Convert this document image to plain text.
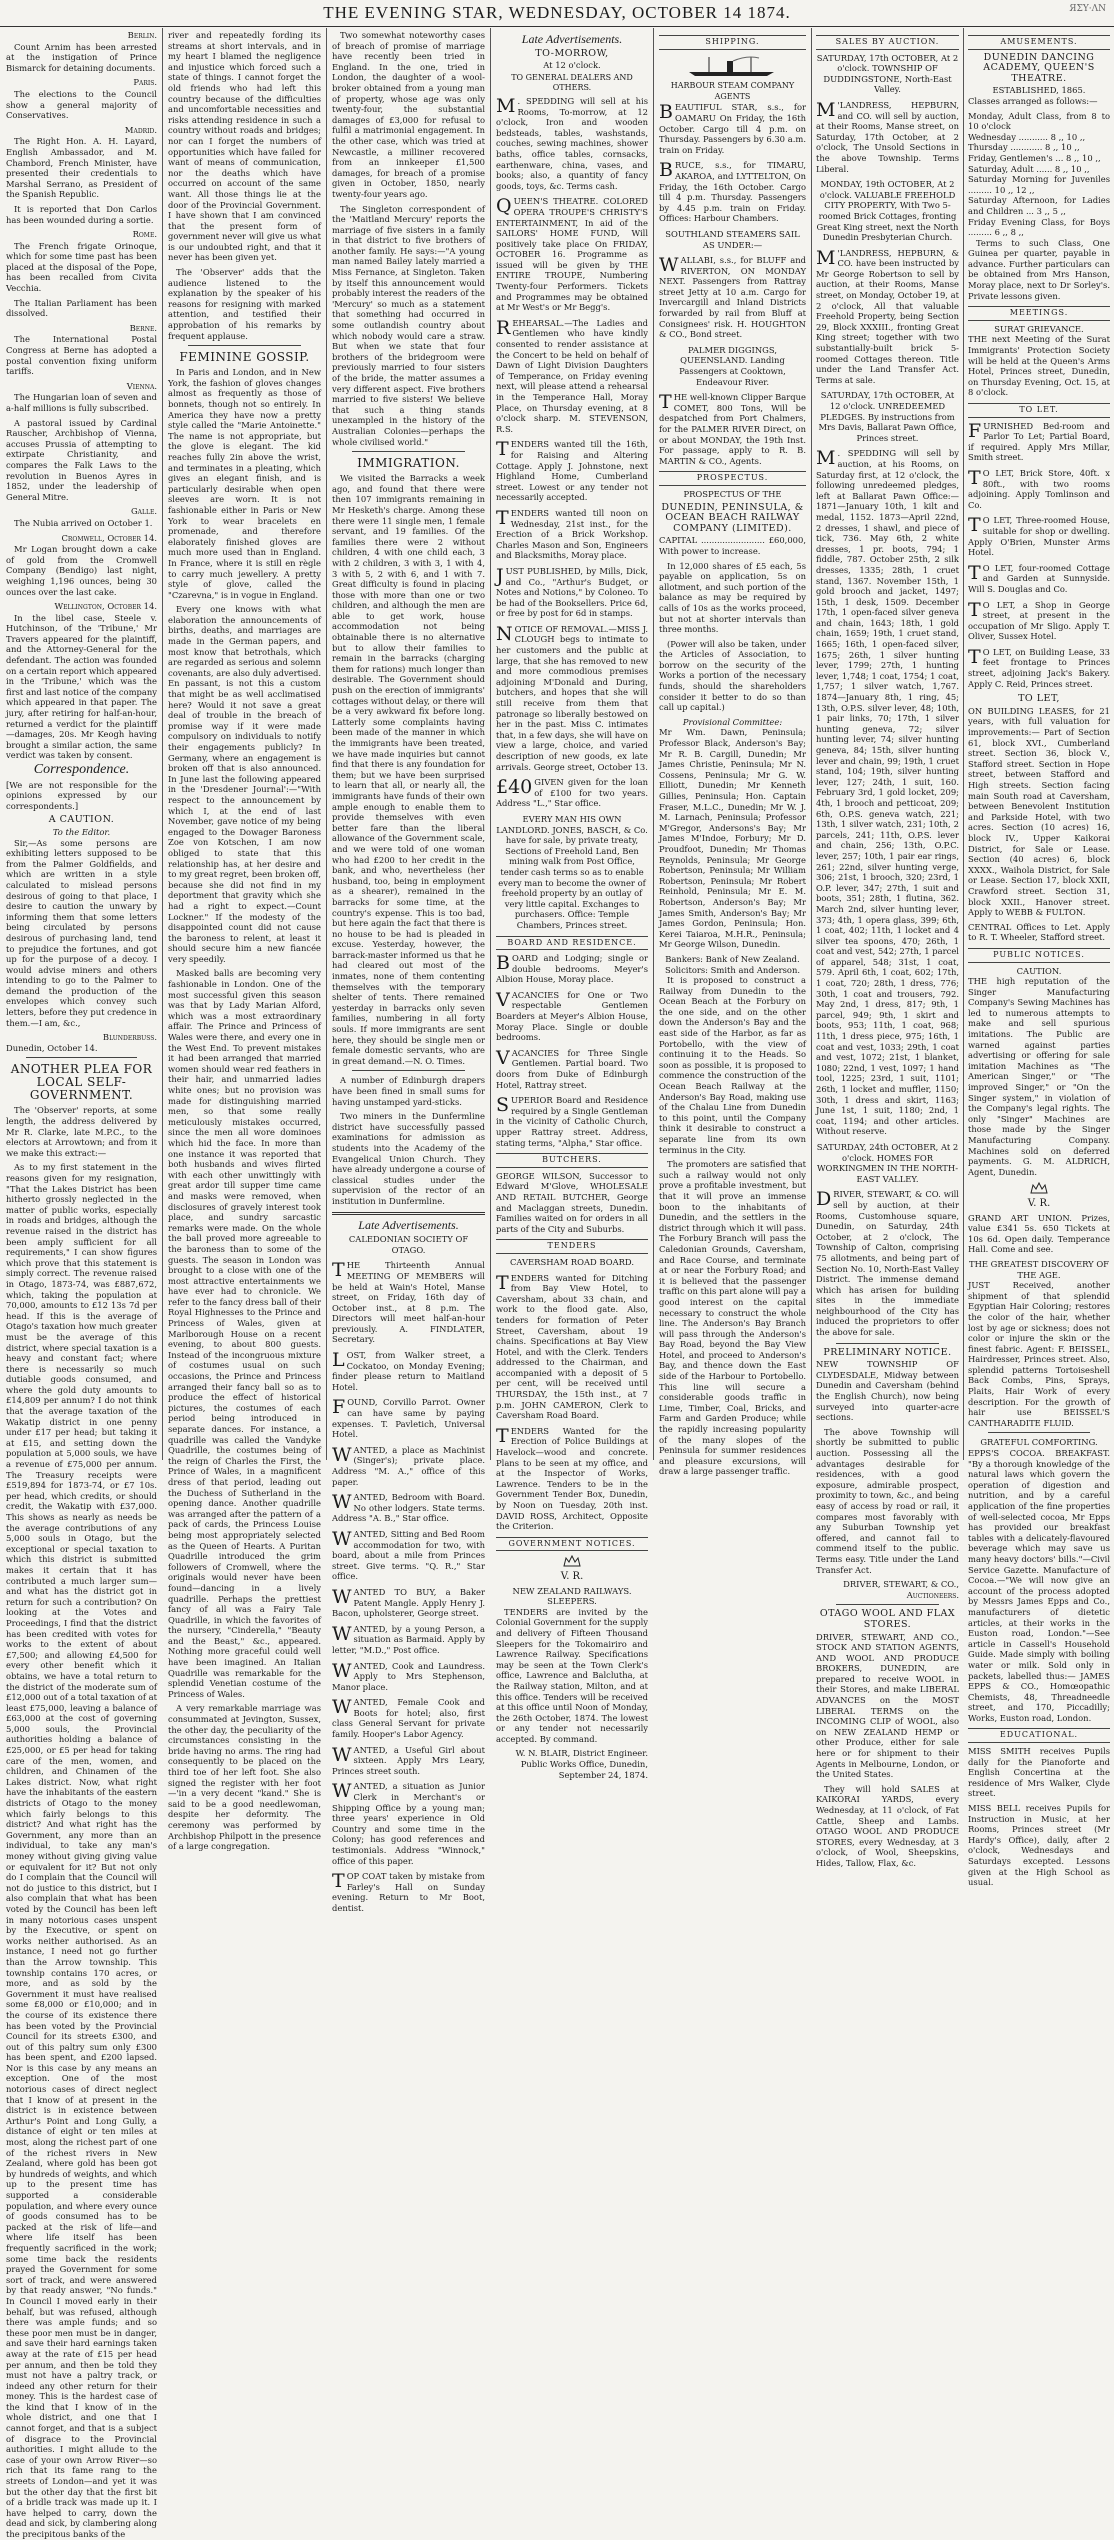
THE EVENING STAR, WEDNESDAY, OCTOBER 14 1874.	ЯΣY·ΛN
Berlin.

Count Arnim has been arrested at the instigation of Prince Bismarck for detaining documents.

Paris.

The elections to the Council show a general majority of Conservatives.

Madrid.

The Right Hon. A. H. Layard, English Ambassador, and M. Chambord, French Minister, have presented their credentials to Marshal Serrano, as President of the Spanish Republic.

It is reported that Don Carlos has been wounded during a sortie.

Rome.

The French frigate Orinoque, which for some time past has been placed at the disposal of the Pope, has been recalled from Civita Vecchia.

The Italian Parliament has been dissolved.

Berne.

The International Postal Congress at Berne has adopted a postal convention fixing uniform tariffs.

Vienna.

The Hungarian loan of seven and a-half millions is fully subscribed.

A pastoral issued by Cardinal Rauscher, Archbishop of Vienna, accuses Prussia of attempting to extirpate Christianity, and compares the Falk Laws to the revolution in Buenos Ayres in 1852, under the leadership of General Mitre.

Galle.

The Nubia arrived on October 1.

Cromwell, October 14.

Mr Logan brought down a cake of gold from the Cromwell Company (Bendigo) last night, weighing 1,196 ounces, being 30 ounces over the last cake.

Wellington, October 14.

In the libel case, Steele v. Hutchinson, of the 'Tribune,' Mr Travers appeared for the plaintiff, and the Attorney-General for the defendant. The action was founded on a certain report which appeared in the 'Tribune,' which was the first and last notice of the company which appeared in that paper. The jury, after retiring for half-an-hour, returned a verdict for the plaintiff—damages, 20s. Mr Keogh having brought a similar action, the same verdict was taken by consent.

Correspondence.

[We are not responsible for the opinions expressed by our correspondents.]

A CAUTION.
To the Editor.

Sir,—As some persons are exhibiting letters supposed to be from the Palmer Goldfields, and which are written in a style calculated to mislead persons desirous of going to that place, I desire to caution the unwary by informing them that some letters being circulated by persons desirous of purchasing land, tend to prejudice the fortunes, and got up for the purpose of a decoy. I would advise miners and others intending to go to the Palmer to demand the production of the envelopes which convey such letters, before they put credence in them.—I am, &c.,

Blunderbuss.

Dunedin, October 14.

ANOTHER PLEA FOR LOCAL SELF-GOVERNMENT.

The 'Observer' reports, at some length, the address delivered by Mr R. Clarke, late M.P.C., to the electors at Arrowtown; and from it we make this extract:—

As to my first statement in the reasons given for my resignation, "That the Lakes District has been hitherto grossly neglected in the matter of public works, especially in roads and bridges, although the revenue raised in the district has been amply sufficient for all requirements," I can show figures which prove that this statement is simply correct. The revenue raised in Otago, 1873-74, was £887,672, which, taking the population at 70,000, amounts to £12 13s 7d per head. If this is the average of Otago's taxation how much greater must be the average of this district, where special taxation is a heavy and constant fact; where there is necessarily so much dutiable goods consumed, and where the gold duty amounts to £14,809 per annum? I do not think that the average taxation of the Wakatip district in one penny under £17 per head; but taking it at £15, and setting down the population at 5,000 souls, we have a revenue of £75,000 per annum. The Treasury receipts were £519,894 for 1873-74, or £7 10s. per head, which credits, or should credit, the Wakatip with £37,000. This shows as nearly as needs be the average contributions of any 5,000 souls in Otago, but the exceptional or special taxation to which this district is submitted makes it certain that it has contributed a much larger sum—and what has the district got in return for such a contribution? On looking at the Votes and Proceedings, I find that the district has been credited with votes for works to the extent of about £7,500; and allowing £4,500 for every other benefit which it obtains, we have a total return to the district of the moderate sum of £12,000 out of a total taxation of at least £75,000, leaving a balance of £63,000 at the cost of governing 5,000 souls, the Provincial authorities holding a balance of £25,000, or £5 per head for taking care of the men, women, and children, and Chinamen of the Lakes district. Now, what right have the inhabitants of the eastern districts of Otago to the money which fairly belongs to this district? And what right has the Government, any more than an individual, to take any man's money without giving giving value or equivalent for it? But not only do I complain that the Council will not do justice to this district, but I also complain that what has been voted by the Council has been left in many notorious cases unspent by the Executive, or spent on works neither authorised. As an instance, I need not go further than the Arrow township. This township contains 170 acres, or more, and as sold by the Government it must have realised some £8,000 or £10,000; and in the course of its existence there has been voted by the Provincial Council for its streets £300, and out of this paltry sum only £300 has been spent, and £200 lapsed. Nor is this case by any means an exception. One of the most notorious cases of direct neglect that I know of at present in the district is in existence between Arthur's Point and Long Gully, a distance of eight or ten miles at most, along the richest part of one of the richest rivers in New Zealand, where gold has been got by hundreds of weights, and which up to the present time has supported a considerable population, and where every ounce of goods consumed has to be packed at the risk of life—and where life itself has been frequently sacrificed in the work; some time back the residents prayed the Government for some sort of track, and were answered by that ready answer, "No funds." In Council I moved early in their behalf, but was refused, although there was ample funds; and so these poor men must be in danger, and save their hard earnings taken away at the rate of £15 per head per annum, and then be told they must not have a paltry track, or indeed any other return for their money. This is the hardest case of the kind that I know of in the whole district, and one that I cannot forget, and that is a subject of disgrace to the Provincial authorities. I might allude to the case of your own Arrow River—so rich that its fame rang to the streets of London—and yet it was but the other day that the first bit of a bridle track was made up it. I have helped to carry, down the dead and sick, by clambering along the precipitous banks of the

river and repeatedly fording its streams at short intervals, and in my heart I blamed the negligence and injustice which forced such a state of things. I cannot forget the old friends who had left this country because of the difficulties and uncomfortable necessities and risks attending residence in such a country without roads and bridges; nor can I forget the numbers of opportunities which have failed for want of means of communication, nor the deaths which have occurred on account of the same want. All those things lie at the door of the Provincial Government. I have shown that I am convinced that the present form of government never will give us what is our undoubted right, and that it never has been given yet.

The 'Observer' adds that the audience listened to the explanation by the speaker of his reasons for resigning with marked attention, and testified their approbation of his remarks by frequent applause.

FEMININE GOSSIP.

In Paris and London, and in New York, the fashion of gloves changes almost as frequently as those of bonnets, though not so entirely. In America they have now a pretty style called the "Marie Antoinette." The name is not appropriate, but the glove is elegant. The kid reaches fully 2in above the wrist, and terminates in a pleating, which gives an elegant finish, and is particularly desirable when open sleeves are worn. It is not fashionable either in Paris or New York to wear bracelets en promenade, and therefore elaborately finished gloves are much more used than in England. In France, where it is still en règle to carry much jewellery. A pretty style of glove, called the "Czarevna," is in vogue in England.

Every one knows with what elaboration the announcements of births, deaths, and marriages are made in the German papers, and most know that betrothals, which are regarded as serious and solemn covenants, are also duly advertised. En passant, is not this a custom that might be as well acclimatised here? Would it not save a great deal of trouble in the breach of promise way if it were made compulsory on individuals to notify their engagements publicly? In Germany, where an engagement is broken off that is also announced. In June last the following appeared in the 'Dresdener Journal':—"With respect to the announcement by which I, at the end of last November, gave notice of my being engaged to the Dowager Baroness Zoe von Kotschen, I am now obliged to state that this relationship has, at her desire and to my great regret, been broken off, because she did not find in my deportment that gravity which she had a right to expect.—Count Lockner." If the modesty of the disappointed count did not cause the baroness to relent, at least it should secure him a new fiancée very speedily.

Masked balls are becoming very fashionable in London. One of the most successful given this season was that by Lady Marian Alford, which was a most extraordinary affair. The Prince and Princess of Wales were there, and every one in the West End. To prevent mistakes it had been arranged that married women should wear red feathers in their hair, and unmarried ladies white ones; but no provision was made for distinguishing married men, so that some really meticulously mistakes occurred, since the men all wore dominoes which hid the face. In more than one instance it was reported that both husbands and wives flirted with each other unwittingly with great ardor till supper time came and masks were removed, when disclosures of gravely interest took place, and sundry sarcastic remarks were made. On the whole the ball proved more agreeable to the baroness than to some of the guests. The season in London was brought to a close with one of the most attractive entertainments we have ever had to chronicle. We refer to the fancy dress ball of their Royal Highnesses to the Prince and Princess of Wales, given at Marlborough House on a recent evening, to about 800 guests. Instead of the incongruous mixture of costumes usual on such occasions, the Prince and Princess arranged their fancy ball so as to produce the effect of historical pictures, the costumes of each period being introduced in separate dances. For instance, a quadrille was called the Vandyke Quadrille, the costumes being of the reign of Charles the First, the Prince of Wales, in a magnificent dress of that period, leading out the Duchess of Sutherland in the opening dance. Another quadrille was arranged after the pattern of a pack of cards, the Princess Louise being most appropriately selected as the Queen of Hearts. A Puritan Quadrille introduced the grim followers of Cromwell, where the originals would never have been found—dancing in a lively quadrille. Perhaps the prettiest fancy of all was a Fairy Tale Quadrille, in which the favorites of the nursery, "Cinderella," "Beauty and the Beast," &c., appeared. Nothing more graceful could well have been imagined. An Italian Quadrille was remarkable for the splendid Venetian costume of the Princess of Wales.

A very remarkable marriage was consummated at Jevington, Sussex, the other day, the peculiarity of the circumstances consisting in the bride having no arms. The ring had consequently to be placed on the third toe of her left foot. She also signed the register with her foot—'in a very decent "kand." She is said to be a good needlewoman, despite her deformity. The ceremony was performed by Archbishop Philpott in the presence of a large congregation.

Two somewhat noteworthy cases of breach of promise of marriage have recently been tried in England. In the one, tried in London, the daughter of a wool-broker obtained from a young man of property, whose age was only twenty-four, the substantial damages of £3,000 for refusal to fulfil a matrimonial engagement. In the other case, which was tried at Newcastle, a milliner recovered from an innkeeper £1,500 damages, for breach of a promise given in October, 1850, nearly twenty-four years ago.

The Singleton correspondent of the 'Maitland Mercury' reports the marriage of five sisters in a family in that district to five brothers of another family. He says:—"A young man named Bailey lately married a Miss Fernance, at Singleton. Taken by itself this announcement would probably interest the readers of the 'Mercury' so much as a statement that something had occurred in some outlandish country about which nobody would care a straw. But when we state that four brothers of the bridegroom were previously married to four sisters of the bride, the matter assumes a very different aspect. Five brothers married to five sisters! We believe that such a thing stands unexampled in the history of the Australian Colonies—perhaps the whole civilised world."

IMMIGRATION.

We visited the Barracks a week ago, and found that there were then 107 immigrants remaining in Mr Hesketh's charge. Among these there were 11 single men, 1 female servant, and 19 families. Of the families there were 2 without children, 4 with one child each, 3 with 2 children, 3 with 3, 1 with 4, 3 with 5, 2 with 6, and 1 with 7. Great difficulty is found in placing those with more than one or two children, and although the men are able to get work, house accommodation not being obtainable there is no alternative but to allow their families to remain in the barracks (charging them for rations) much longer than desirable. The Government should push on the erection of immigrants' cottages without delay, or there will be a very awkward fix before long. Latterly some complaints having been made of the manner in which the immigrants have been treated, we have made inquiries but cannot find that there is any foundation for them; but we have been surprised to learn that all, or nearly all, the immigrants have funds of their own ample enough to enable them to provide themselves with even better fare than the liberal allowance of the Government scale, and we were told of one woman who had £200 to her credit in the bank, and who, nevertheless (her husband, too, being in employment as a shearer), remained in the barracks for some time, at the country's expense. This is too bad, but here again the fact that there is no house to be had is pleaded in excuse. Yesterday, however, the barrack-master informed us that he had cleared out most of the inmates, none of them contenting themselves with the temporary shelter of tents. There remained yesterday in barracks only seven families, numbering in all forty souls. If more immigrants are sent here, they should be single men or female domestic servants, who are in great demand.—N. O. Times.

A number of Edinburgh drapers have been fined in small sums for having unstamped yard-sticks.

Two miners in the Dunfermline district have successfully passed examinations for admission as students into the Academy of the Evangelical Union Church. They have already undergone a course of classical studies under the supervision of the rector of an institution in Dunfermline.

Late Advertisements.

CALEDONIAN SOCIETY OF OTAGO.

THE Thirteenth Annual MEETING OF MEMBERS will be held at Wain's Hotel, Manse street, on Friday, 16th day of October inst., at 8 p.m. The Directors will meet half-an-hour previously. A. FINDLATER, Secretary.

LOST, from Walker street, a Cockatoo, on Monday Evening; finder please return to Maitland Hotel.

FOUND, Corvillo Parrot. Owner can have same by paying expenses. T. Pavletich, Universal Hotel.

WANTED, a place as Machinist (Singer's); private place. Address "M. A.," office of this paper.

WANTED, Bedroom with Board. No other lodgers. State terms. Address "A. B.," Star office.

WANTED, Sitting and Bed Room accommodation for two, with board, about a mile from Princes street. Give terms. "Q. R.," Star office.

WANTED TO BUY, a Baker Patent Mangle. Apply Henry J. Bacon, upholsterer, George street.

WANTED, by a young Person, a situation as Barmaid. Apply by letter, "M.D.," Post office.

WANTED, Cook and Laundress. Apply to Mrs Stephenson, Manor place.

WANTED, Female Cook and Boots for hotel; also, first class General Servant for private family. Hooper's Labor Agency.

WANTED, a Useful Girl about sixteen. Apply Mrs Leary, Princes street south.

WANTED, a situation as Junior Clerk in Merchant's or Shipping Office by a young man; three years' experience in Old Country and some time in the Colony; has good references and testimonials. Address "Winnock," office of this paper.

TOP COAT taken by mistake from Farley's Hall on Sunday evening. Return to Mr Boot, dentist.

Late Advertisements.
TO-MORROW,
At 12 o'clock.
TO GENERAL DEALERS AND OTHERS.

M . SPEDDING will sell at his Rooms, To-morrow, at 12 o'clock, Iron and wooden bedsteads, tables, washstands, couches, sewing machines, shower baths, office tables, cornsacks, earthenware, china, vases, and books; also, a quantity of fancy goods, toys, &c. Terms cash.

QUEEN'S THEATRE. COLORED OPERA TROUPE'S CHRISTY'S ENTERTAINMENT, In aid of the SAILORS' HOME FUND, Will positively take place On FRIDAY, OCTOBER 16. Programme as issued will be given by THE ENTIRE TROUPE, Numbering Twenty-four Performers. Tickets and Programmes may be obtained at Mr West's or Mr Begg's.

REHEARSAL.—The Ladies and Gentlemen who have kindly consented to render assistance at the Concert to be held on behalf of Dawn of Light Division Daughters of Temperance, on Friday evening next, will please attend a rehearsal in the Temperance Hall, Moray Place, on Thursday evening, at 8 o'clock sharp. M. STEVENSON, R.S.

TENDERS wanted till the 16th, for Raising and Altering Cottage. Apply J. Johnstone, next Highland Home, Cumberland street. Lowest or any tender not necessarily accepted.

TENDERS wanted till noon on Wednesday, 21st inst., for the Erection of a Brick Workshop. Charles Mason and Son, Engineers and Blacksmiths, Moray place.

JUST PUBLISHED, by Mills, Dick, and Co., "Arthur's Budget, or Notes and Notions," by Coloneo. To be had of the Booksellers. Price 6d, or free by post for 6d in stamps.

NOTICE OF REMOVAL.—MISS J. CLOUGH begs to intimate to her customers and the public at large, that she has removed to new and more commodious premises adjoining M'Donald and During, butchers, and hopes that she will still receive from them that patronage so liberally bestowed on her in the past. Miss C. intimates that, in a few days, she will have on view a large, choice, and varied description of new goods, ex late arrivals. George street, October 13.

£40 GIVEN given for the loan of £100 for two years. Address "L.," Star office.

EVERY MAN HIS OWN LANDLORD. JONES, BASCH, & Co. have for sale, by private treaty, Sections of Freehold Land, Ben mining walk from Post Office, tender cash terms so as to enable every man to become the owner of freehold property by an outlay of very little capital. Exchanges to purchasers. Office: Temple Chambers, Princes street.

BOARD AND RESIDENCE.

BOARD and Lodging; single or double bedrooms. Meyer's Albion House, Moray place.

VACANCIES for One or Two respectable Gentlemen Boarders at Meyer's Albion House, Moray Place. Single or double bedrooms.

VACANCIES for Three Single Gentlemen. Partial board. Two doors from Duke of Edinburgh Hotel, Rattray street.

SUPERIOR Board and Residence required by a Single Gentleman in the vicinity of Catholic Church, upper Rattray street. Address, stating terms, "Alpha," Star office.

BUTCHERS.

GEORGE WILSON, Successor to Edward M'Glove, WHOLESALE AND RETAIL BUTCHER, George and Maclaggan streets, Dunedin. Families waited on for orders in all parts of the City and Suburbs.

TENDERS

CAVERSHAM ROAD BOARD.

TENDERS wanted for Ditching from Bay View Hotel, to Caversham, about 33 chain, and work to the flood gate. Also, tenders for formation of Peter Street, Caversham, about 19 chains. Specifications at Bay View Hotel, and with the Clerk. Tenders addressed to the Chairman, and accompanied with a deposit of 5 per cent, will be received until THURSDAY, the 15th inst., at 7 p.m. JOHN CAMERON, Clerk to Caversham Road Board.

TENDERS Wanted for the Erection of Police Buildings at Havelock—wood and concrete. Plans to be seen at my office, and at the Inspector of Works, Lawrence. Tenders to be in the Government Tender Box, Dunedin, by Noon on Tuesday, 20th inst. DAVID ROSS, Architect, Opposite the Criterion.

GOVERNMENT NOTICES.
V. R.
NEW ZEALAND RAILWAYS.
SLEEPERS.

TENDERS are invited by the Colonial Government for the supply and delivery of Fifteen Thousand Sleepers for the Tokomairiro and Lawrence Railway. Specifications may be seen at the Town Clerk's office, Lawrence and Balclutha, at the Railway station, Milton, and at this office. Tenders will be received at this office until Noon of Monday, the 26th October, 1874. The lowest or any tender not necessarily accepted. By command.

W. N. BLAIR, District Engineer. Public Works Office, Dunedin, September 24, 1874.

SHIPPING.
HARBOUR STEAM COMPANY AGENTS

BEAUTIFUL STAR, s.s., for OAMARU On Friday, the 16th October. Cargo till 4 p.m. on Thursday. Passengers by 6.30 a.m. train on Friday.

BRUCE, s.s., for TIMARU, AKAROA, and LYTTELTON, On Friday, the 16th October. Cargo till 4 p.m. Thursday. Passengers by 4.45 p.m. train on Friday. Offices: Harbour Chambers.

SOUTHLAND STEAMERS SAIL AS UNDER:—

WALLABI, s.s., for BLUFF and RIVERTON, ON MONDAY NEXT. Passengers from Rattray street Jetty at 10 a.m. Cargo for Invercargill and Inland Districts forwarded by rail from Bluff at Consignees' risk. H. HOUGHTON & CO., Bond street.

PALMER DIGGINGS, QUEENSLAND. Landing Passengers at Cooktown, Endeavour River.

THE well-known Clipper Barque COMET, 800 Tons, Will be despatched from Port Chalmers, for the PALMER RIVER Direct, on or about MONDAY, the 19th Inst. For passage, apply to R. B. MARTIN & CO., Agents.

PROSPECTUS.
PROSPECTUS OF THE
DUNEDIN, PENINSULA, & OCEAN BEACH RAILWAY COMPANY (LIMITED).

CAPITAL ........................ £60,000, With power to increase.

In 12,000 shares of £5 each, 5s payable on application, 5s on allotment, and such portion of the balance as may be required by calls of 10s as the works proceed, but not at shorter intervals than three months.

(Power will also be taken, under the Articles of Association, to borrow on the security of the Works a portion of the necessary funds, should the shareholders consider it better to do so than call up capital.)

Provisional Committee:

Mr Wm. Dawn, Peninsula; Professor Black, Anderson's Bay; Mr R. B. Cargill, Dunedin; Mr James Christie, Peninsula; Mr N. Cossens, Peninsula; Mr G. W. Elliott, Dunedin; Mr Kenneth Gillies, Peninsula; Hon. Captain Fraser, M.L.C., Dunedin; Mr W. J. M. Larnach, Peninsula; Professor M'Gregor, Andersons's Bay; Mr James M'Indoe, Forbury; Mr D. Proudfoot, Dunedin; Mr Thomas Reynolds, Peninsula; Mr George Robertson, Peninsula; Mr William Robertson, Peninsula; Mr Robert Reinhold, Peninsula; Mr E. M. Robertson, Anderson's Bay; Mr James Smith, Anderson's Bay; Mr James Gordon, Peninsula; Hon. Kerei Taiaroa, M.H.R., Peninsula; Mr George Wilson, Dunedin.

Bankers: Bank of New Zealand.
Solicitors: Smith and Anderson.

It is proposed to construct a Railway from Dunedin to the Ocean Beach at the Forbury on the one side, and on the other down the Anderson's Bay and the east side of the Harbor, as far as Portobello, with the view of continuing it to the Heads. So soon as possible, it is proposed to commence the construction of the Ocean Beach Railway at the Anderson's Bay Road, making use of the Chalau Line from Dunedin to this point, until the Company think it desirable to construct a separate line from its own terminus in the City.

The promoters are satisfied that such a railway would not only prove a profitable investment, but that it will prove an immense boon to the inhabitants of Dunedin, and the settlers in the district through which it will pass. The Forbury Branch will pass the Caledonian Grounds, Caversham, and Race Course, and terminate at or near the Forbury Road; and it is believed that the passenger traffic on this part alone will pay a good interest on the capital necessary to construct the whole line. The Anderson's Bay Branch will pass through the Anderson's Bay Road, beyond the Bay View Hotel, and proceed to Anderson's Bay, and thence down the East side of the Harbour to Portobello. This line will secure a considerable goods traffic in Lime, Timber, Coal, Bricks, and Farm and Garden Produce; while the rapidly increasing popularity of the many slopes of the Peninsula for summer residences and pleasure excursions, will draw a large passenger traffic.

SALES BY AUCTION.

SATURDAY, 17th OCTOBER, At 2 o'clock. TOWNSHIP OF DUDDINGSTONE, North-East Valley.

M 'LANDRESS, HEPBURN, and CO. will sell by auction, at their Rooms, Manse street, on Saturday, 17th October, at 2 o'clock, The Unsold Sections in the above Township. Terms Liberal.

MONDAY, 19th OCTOBER, At 2 o'clock. VALUABLE FREEHOLD CITY PROPERTY, With Two 5-roomed Brick Cottages, fronting Great King street, next the North Dunedin Presbyterian Church.

M 'LANDRESS, HEPBURN, & CO. have been instructed by Mr George Robertson to sell by auction, at their Rooms, Manse street, on Monday, October 19, at 2 o'clock, All that valuable Freehold Property, being Section 29, Block XXXIII., fronting Great King street; together with two substantially-built brick 5-roomed Cottages thereon. Title under the Land Transfer Act. Terms at sale.

SATURDAY, 17th OCTOBER, At 12 o'clock. UNREDEEMED PLEDGES. By instructions from Mrs Davis, Ballarat Pawn Office, Princes street.

M . SPEDDING will sell by auction, at his Rooms, on Saturday first, at 12 o'clock, the following unredeemed pledges, left at Ballarat Pawn Office:— 1871—January 10th, 1 kilt and medal, 1152. 1873—April 22nd, 2 dresses, 1 shawl, and piece of tick, 736. May 6th, 2 white dresses, 1 pr. boots, 794; 1 fiddle, 787. October 25th, 2 silk dresses, 1335; 28th, 1 cruet stand, 1367. November 15th, 1 gold brooch and jacket, 1497; 15th, 1 desk, 1509. December 17th, 1 open-faced silver geneva and chain, 1643; 18th, 1 gold chain, 1659; 19th, 1 cruet stand, 1665; 16th, 1 open-faced silver, 1675; 26th, 1 silver hunting lever, 1799; 27th, 1 hunting lever, 1,748; 1 coat, 1754; 1 coat, 1,757; 1 silver watch, 1,767. 1874—January 8th, 1 ring, 45; 13th, O.P.S. silver lever, 48; 10th, 1 pair links, 70; 17th, 1 silver hunting geneva, 72; silver hunting lever, 74; silver hunting geneva, 84; 15th, silver hunting lever and chain, 99; 19th, 1 cruet stand, 104; 19th, silver hunting lever, 127; 24th, 1 suit, 160. February 3rd, 1 gold locket, 209; 4th, 1 brooch and petticoat, 209; 6th, O.P.S. geneva watch, 221; 13th, 1 silver watch, 231; 10th, 2 parcels, 241; 11th, O.P.S. lever and chain, 256; 13th, O.P.C. lever, 257; 10th, 1 pair ear rings, 261; 22nd, silver hunting verge, 306; 21st, 1 brooch, 320; 23rd, 1 O.P. lever, 347; 27th, 1 suit and boots, 351; 28th, 1 flutina, 362. March 2nd, silver hunting lever, 373; 4th, 1 opera glass, 399; 6th, 1 coat, 402; 11th, 1 locket and 4 silver tea spoons, 470; 26th, 1 coat and vest, 542; 27th, 1 parcel of apparel, 548; 31st, 1 coat, 579. April 6th, 1 coat, 602; 17th, 1 coat, 720; 28th, 1 dress, 776; 30th, 1 coat and trousers, 792. May 2nd, 1 dress, 817; 9th, 1 parcel, 949; 9th, 1 skirt and boots, 953; 11th, 1 coat, 968; 11th, 1 dress piece, 975; 16th, 1 coat and vest, 1033; 29th, 1 coat and vest, 1072; 21st, 1 blanket, 1080; 22nd, 1 vest, 1097; 1 hand tool, 1225; 23rd, 1 suit, 1101; 26th, 1 locket and muffler, 1150; 30th, 1 dress and skirt, 1163; June 1st, 1 suit, 1180; 2nd, 1 coat, 1194; and other articles. Without reserve.

SATURDAY, 24th OCTOBER, At 2 o'clock. HOMES FOR WORKINGMEN IN THE NORTH-EAST VALLEY.

DRIVER, STEWART, & CO. will sell by auction, at their Rooms, Customhouse square, Dunedin, on Saturday, 24th October, at 2 o'clock, The Township of Calton, comprising 75 allotments, and being part of Section No. 10, North-East Valley District. The immense demand which has arisen for building sites in the immediate neighbourhood of the City has induced the proprietors to offer the above for sale.

PRELIMINARY NOTICE.

NEW TOWNSHIP OF CLYDESDALE, Midway between Dunedin and Caversham (behind the English Church), now being surveyed into quarter-acre sections.

The above Township will shortly be submitted to public auction. Possessing all the advantages desirable for residences, with a good exposure, admirable prospect, proximity to town, &c., and being easy of access by road or rail, it compares most favorably with any Suburban Township yet offered, and cannot fail to commend itself to the public. Terms easy. Title under the Land Transfer Act.

DRIVER, STEWART, & CO., Auctioneers.
OTAGO WOOL AND FLAX STORES.

DRIVER, STEWART, AND CO., STOCK AND STATION AGENTS, AND WOOL AND PRODUCE BROKERS, DUNEDIN, are prepared to receive WOOL in their Stores, and make LIBERAL ADVANCES on the MOST LIBERAL TERMS on the INCOMING CLIP of WOOL, also on NEW ZEALAND HEMP or other Produce, either for sale here or for shipment to their Agents in Melbourne, London, or the United States.

They will hold SALES at KAIKORAI YARDS, every Wednesday, at 11 o'clock, of Fat Cattle, Sheep and Lambs. OTAGO WOOL AND PRODUCE STORES, every Wednesday, at 3 o'clock, of Wool, Sheepskins, Hides, Tallow, Flax, &c.

AMUSEMENTS.
DUNEDIN DANCING ACADEMY, QUEEN'S THEATRE.
ESTABLISHED, 1865.

Classes arranged as follows:—

Monday, Adult Class, from 8 to 10 o'clock
Wednesday ........... 8 ,, 10 ,,
Thursday ............ 8 ,, 10 ,,
Friday, Gentlemen's ... 8 ,, 10 ,,
Saturday, Adult ...... 8 ,, 10 ,,
Saturday Morning for Juveniles ......... 10 ,, 12 ,,
Saturday Afternoon, for Ladies and Children ... 3 ,, 5 ,,
Friday Evening Class, for Boys ......... 6 ,, 8 ,,

Terms to such Class, One Guinea per quarter, payable in advance. Further particulars can be obtained from Mrs Hanson, Moray place, next to Dr Sorley's. Private lessons given.

MEETINGS.
SURAT GRIEVANCE.

THE next Meeting of the Surat Immigrants' Protection Society will be held at the Queen's Arms Hotel, Princes street, Dunedin, on Thursday Evening, Oct. 15, at 8 o'clock.

TO LET.

FURNISHED Bed-room and Parlor To Let; Partial Board, if required. Apply Mrs Millar, Smith street.

T O LET, Brick Store, 40ft. x 80ft., with two rooms adjoining. Apply Tomlinson and Co.

T O LET, Three-roomed House, suitable for shop or dwelling. Apply O'Brien, Munster Arms Hotel.

T O LET, four-roomed Cottage and Garden at Sunnyside. Will S. Douglas and Co.

T O LET, a Shop in George street, at present in the occupation of Mr Sligo. Apply T. Oliver, Sussex Hotel.

T O LET, on Building Lease, 33 feet frontage to Princes street, adjoining Jack's Bakery. Apply C. Reid, Princes street.

TO LET,

ON BUILDING LEASES, for 21 years, with full valuation for improvements:— Part of Section 61, block XVI., Cumberland street. Section 36, block V., Stafford street. Section in Hope street, between Stafford and High streets. Section facing main South road at Caversham, between Benevolent Institution and Parkside Hotel, with two acres. Section (10 acres) 16, block IV., Upper Kaikorai District, for Sale or Lease. Section (40 acres) 6, block XXXX., Waihola District, for Sale or Lease. Section 17, block XXII, Crawford street. Section 31, block XXII., Hanover street. Apply to WEBB & FULTON.

CENTRAL Offices to Let. Apply to R. T. Wheeler, Stafford street.

PUBLIC NOTICES.
CAUTION.

THE high reputation of the Singer Manufacturing Company's Sewing Machines has led to numerous attempts to make and sell spurious imitations. The Public are warned against parties advertising or offering for sale imitation Machines as "The American Singer," or "The improved Singer," or "On the Singer system," in violation of the Company's legal rights. The only "Singer" Machines are those made by the Singer Manufacturing Company. Machines sold on deferred payments. G. M. ALDRICH, Agent, Dunedin.

V. R.

GRAND ART UNION. Prizes, value £341 5s. 650 Tickets at 10s 6d. Open daily. Temperance Hall. Come and see.

THE GREATEST DISCOVERY OF THE AGE.

JUST Received, another shipment of that splendid Egyptian Hair Coloring; restores the color of the hair, whether lost by age or sickness; does not color or injure the skin or the finest fabric. Agent: F. BEISSEL, Hairdresser, Princes street. Also, splendid patterns Tortoiseshell Back Combs, Pins, Sprays, Plaits, Hair Work of every description. For the growth of hair use BEISSEL'S CANTHARADITE FLUID.

GRATEFUL COMFORTING.

EPPS'S COCOA. BREAKFAST. "By a thorough knowledge of the natural laws which govern the operation of digestion and nutrition, and by a careful application of the fine properties of well-selected cocoa, Mr Epps has provided our breakfast tables with a delicately-flavoured beverage which may save us many heavy doctors' bills."—Civil Service Gazette. Manufacture of Cocoa.—"We will now give an account of the process adopted by Messrs James Epps and Co., manufacturers of dietetic articles, at their works in the Euston road, London."—See article in Cassell's Household Guide. Made simply with boiling water or milk. Sold only in packets, labelled thus:— JAMES EPPS & CO., Homœopathic Chemists, 48, Threadneedle street, and 170, Piccadilly; Works, Euston road, London.

EDUCATIONAL.

MISS SMITH receives Pupils daily for the Pianoforte and English Concertina at the residence of Mrs Walker, Clyde street.

MISS BELL receives Pupils for Instruction in Music, at her Rooms, Princes street (Mr Hardy's Office), daily, after 2 o'clock, Wednesdays and Saturdays excepted. Lessons given at the High School as usual.
